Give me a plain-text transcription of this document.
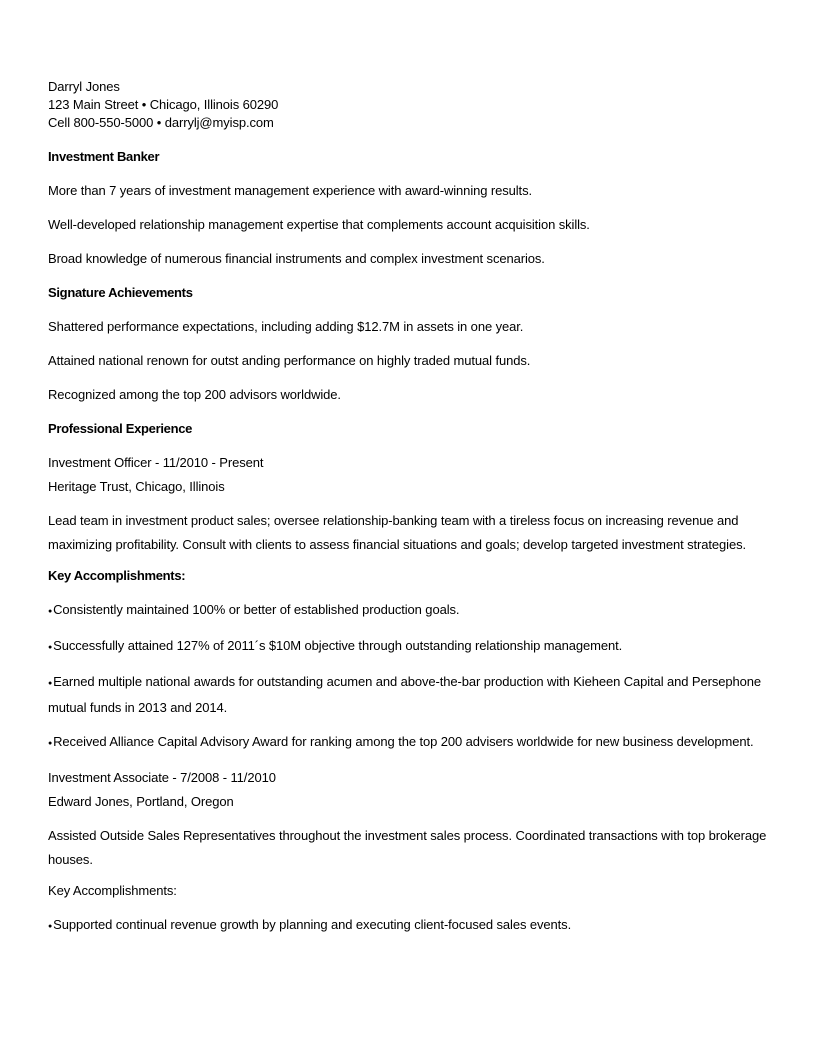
Darryl Jones
123 Main Street • Chicago, Illinois 60290
Cell 800-550-5000 • darrylj@myisp.com
Investment Banker
More than 7 years of investment management experience with award-winning results.
Well-developed relationship management expertise that complements account acquisition skills.
Broad knowledge of numerous financial instruments and complex investment scenarios.
Signature Achievements
Shattered performance expectations, including adding $12.7M in assets in one year.
Attained national renown for outst anding performance on highly traded mutual funds.
Recognized among the top 200 advisors worldwide.
Professional Experience
Investment Officer - 11/2010 - Present
Heritage Trust, Chicago, Illinois
Lead team in investment product sales; oversee relationship-banking team with a tireless focus on increasing revenue and maximizing profitability. Consult with clients to assess financial situations and goals; develop targeted investment strategies.
Key Accomplishments:
● Consistently maintained 100% or better of established production goals.
● Successfully attained 127% of 2011´s $10M objective through outstanding relationship management.
● Earned multiple national awards for outstanding acumen and above-the-bar production with Kieheen Capital and Persephone mutual funds in 2013 and 2014.
● Received Alliance Capital Advisory Award for ranking among the top 200 advisers worldwide for new business development.
Investment Associate - 7/2008 - 11/2010
Edward Jones, Portland, Oregon
Assisted Outside Sales Representatives throughout the investment sales process. Coordinated transactions with top brokerage houses.
Key Accomplishments:
● Supported continual revenue growth by planning and executing client-focused sales events.
